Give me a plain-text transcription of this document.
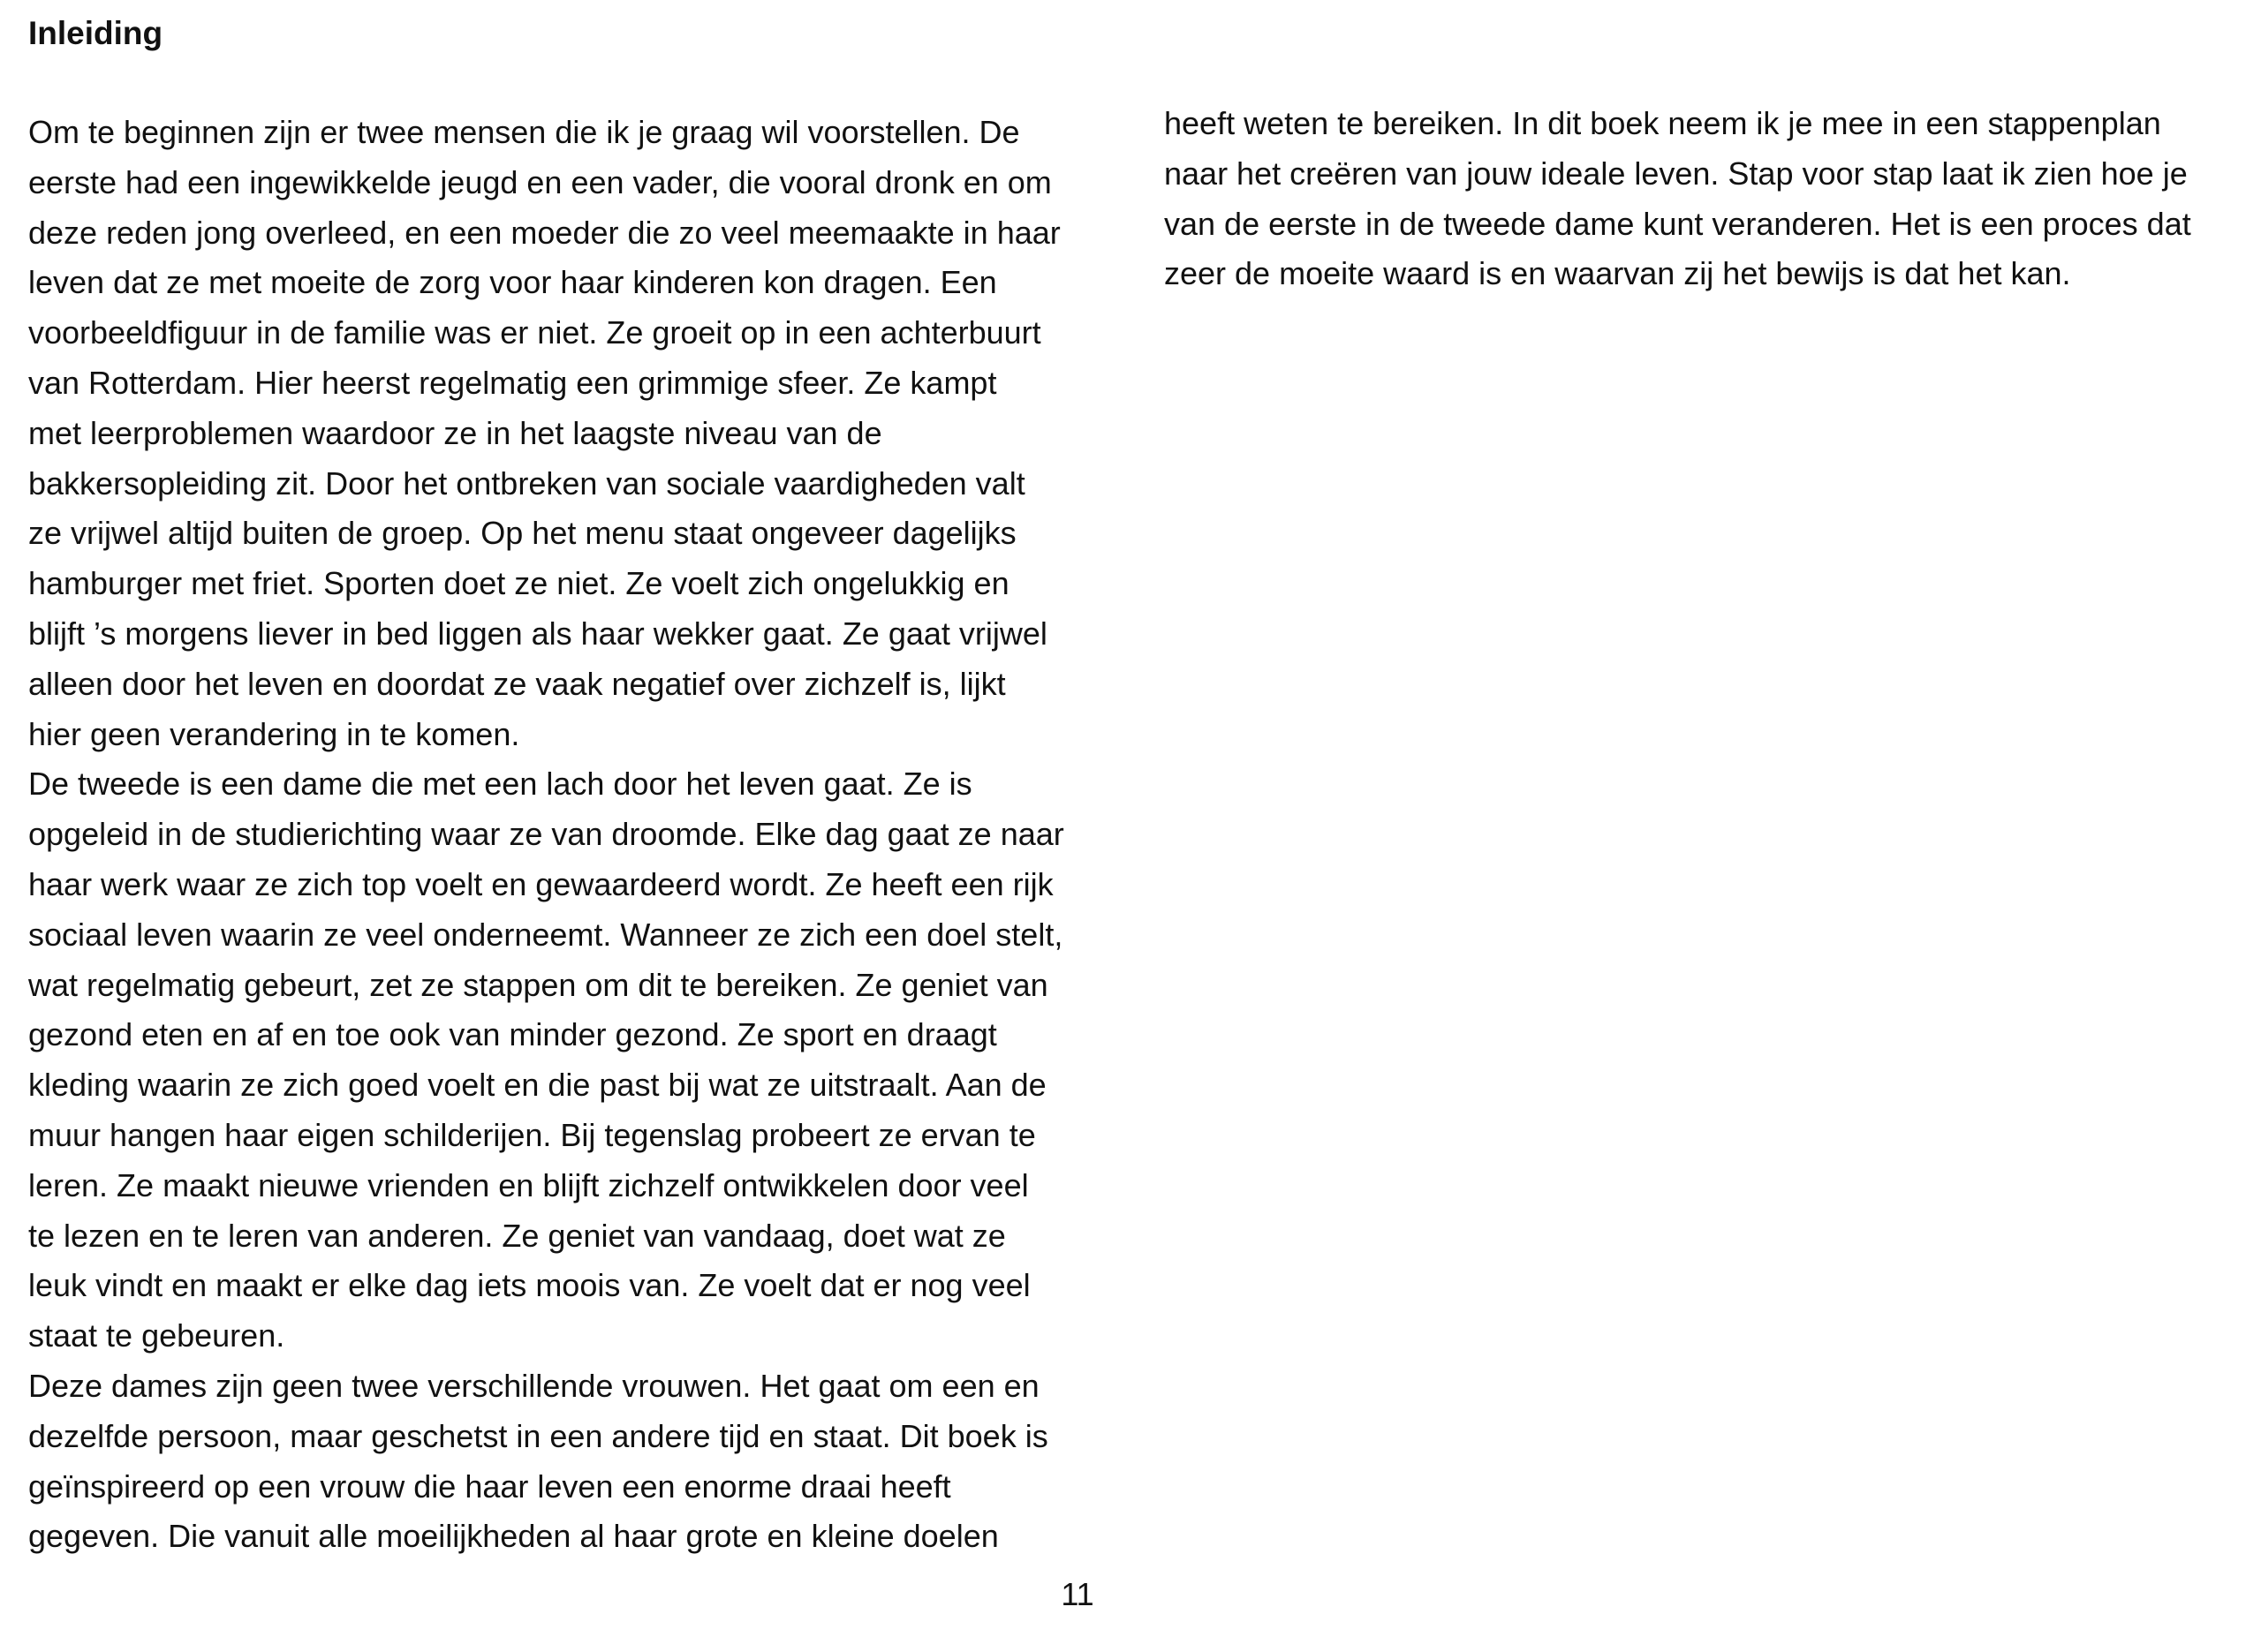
Inleiding
Om te beginnen zijn er twee mensen die ik je graag wil voorstellen. De
eerste had een ingewikkelde jeugd en een vader, die vooral dronk en om
deze reden jong overleed, en een moeder die zo veel meemaakte in haar
leven dat ze met moeite de zorg voor haar kinderen kon dragen. Een
voorbeeldfiguur in de familie was er niet. Ze groeit op in een achterbuurt
van Rotterdam. Hier heerst regelmatig een grimmige sfeer. Ze kampt
met leerproblemen waardoor ze in het laagste niveau van de
bakkersopleiding zit. Door het ontbreken van sociale vaardigheden valt
ze vrijwel altijd buiten de groep. Op het menu staat ongeveer dagelijks
hamburger met friet. Sporten doet ze niet. Ze voelt zich ongelukkig en
blijft ’s morgens liever in bed liggen als haar wekker gaat. Ze gaat vrijwel
alleen door het leven en doordat ze vaak negatief over zichzelf is, lijkt
hier geen verandering in te komen.
De tweede is een dame die met een lach door het leven gaat. Ze is
opgeleid in de studierichting waar ze van droomde. Elke dag gaat ze naar
haar werk waar ze zich top voelt en gewaardeerd wordt. Ze heeft een rijk
sociaal leven waarin ze veel onderneemt. Wanneer ze zich een doel stelt,
wat regelmatig gebeurt, zet ze stappen om dit te bereiken. Ze geniet van
gezond eten en af en toe ook van minder gezond. Ze sport en draagt
kleding waarin ze zich goed voelt en die past bij wat ze uitstraalt. Aan de
muur hangen haar eigen schilderijen. Bij tegenslag probeert ze ervan te
leren. Ze maakt nieuwe vrienden en blijft zichzelf ontwikkelen door veel
te lezen en te leren van anderen. Ze geniet van vandaag, doet wat ze
leuk vindt en maakt er elke dag iets moois van. Ze voelt dat er nog veel
staat te gebeuren.
Deze dames zijn geen twee verschillende vrouwen. Het gaat om een en
dezelfde persoon, maar geschetst in een andere tijd en staat. Dit boek is
geïnspireerd op een vrouw die haar leven een enorme draai heeft
gegeven. Die vanuit alle moeilijkheden al haar grote en kleine doelen
heeft weten te bereiken. In dit boek neem ik je mee in een stappenplan
naar het creëren van jouw ideale leven. Stap voor stap laat ik zien hoe je
van de eerste in de tweede dame kunt veranderen. Het is een proces dat
zeer de moeite waard is en waarvan zij het bewijs is dat het kan.
11
